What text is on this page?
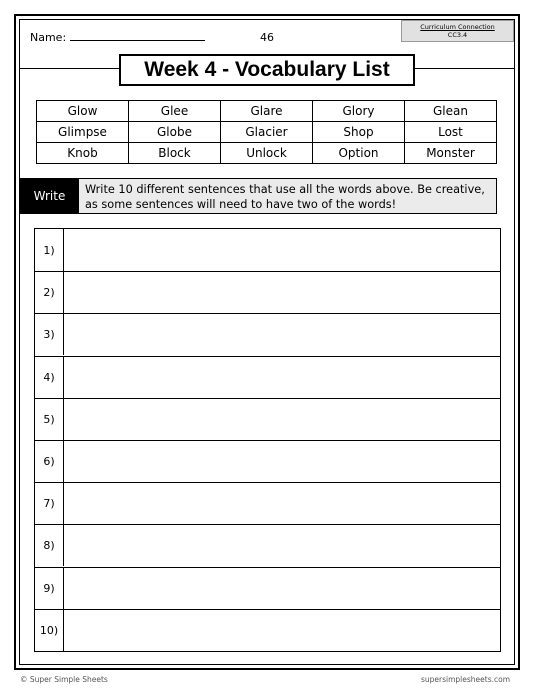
Name:	46
Curriculum Connection
CC3.4
Week 4 - Vocabulary List
Glow	Glee	Glare	Glory	Glean
Glimpse	Globe	Glacier	Shop	Lost
Knob	Block	Unlock	Option	Monster
Write	Write 10 different sentences that use all the words above. Be creative, as some sentences will need to have two of the words!
1)
2)
3)
4)
5)
6)
7)
8)
9)
10)
© Super Simple Sheets	supersimplesheets.com
